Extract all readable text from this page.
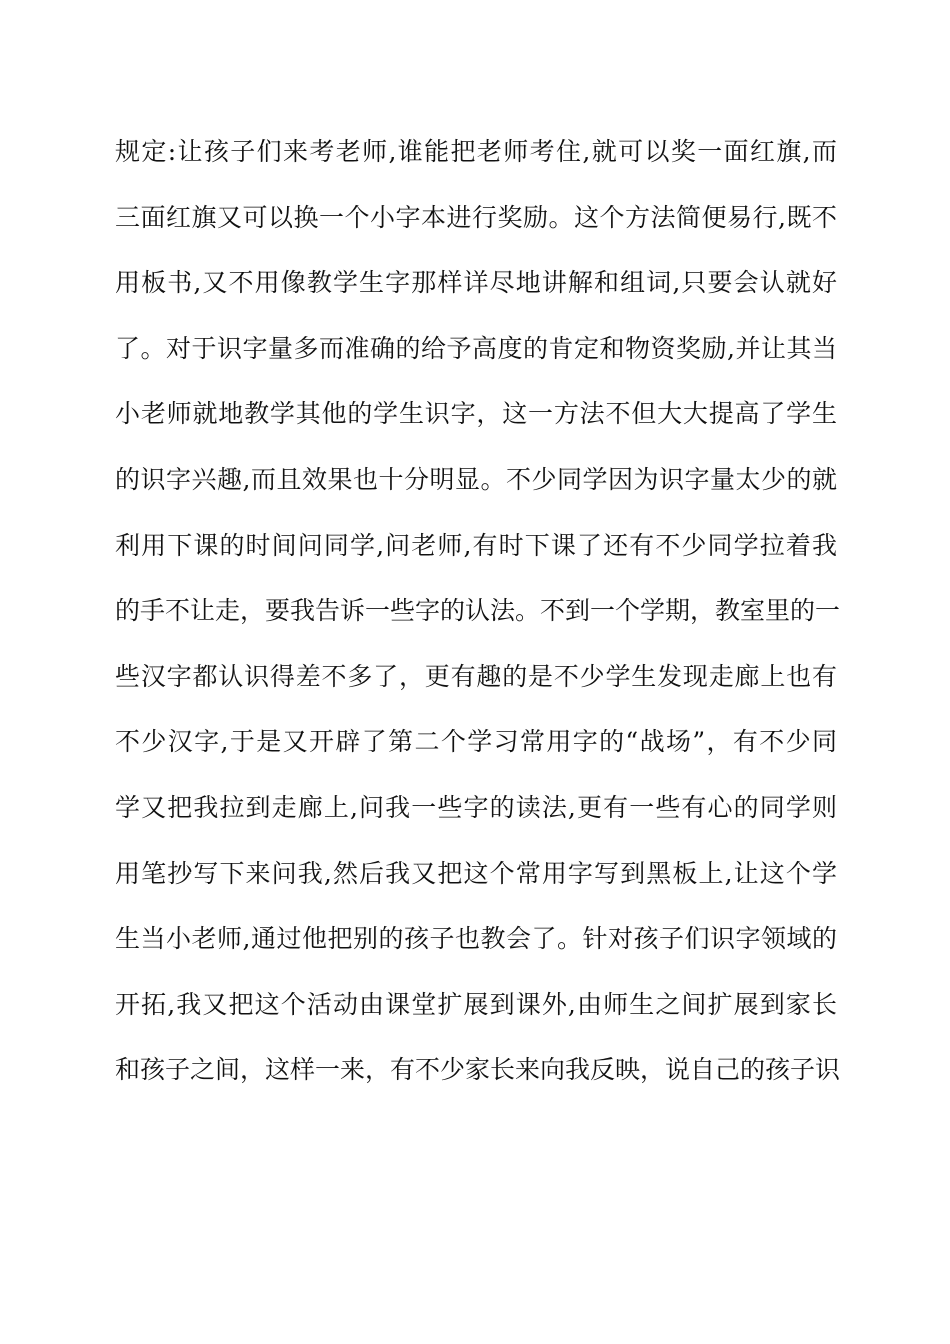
规定:让孩子们来考老师,谁能把老师考住,就可以奖一面红旗,而
三面红旗又可以换一个小字本进行奖励。这个方法简便易行,既不
用板书,又不用像教学生字那样详尽地讲解和组词,只要会认就好
了。对于识字量多而准确的给予高度的肯定和物资奖励,并让其当
小老师就地教学其他的学生识字，这一方法不但大大提高了学生
的识字兴趣,而且效果也十分明显。不少同学因为识字量太少的就
利用下课的时间问同学,问老师,有时下课了还有不少同学拉着我
的手不让走，要我告诉一些字的认法。不到一个学期，教室里的一
些汉字都认识得差不多了，更有趣的是不少学生发现走廊上也有
不少汉字,于是又开辟了第二个学习常用字的“战场”，有不少同
学又把我拉到走廊上,问我一些字的读法,更有一些有心的同学则
用笔抄写下来问我,然后我又把这个常用字写到黑板上,让这个学
生当小老师,通过他把别的孩子也教会了。针对孩子们识字领域的
开拓,我又把这个活动由课堂扩展到课外,由师生之间扩展到家长
和孩子之间，这样一来，有不少家长来向我反映，说自己的孩子识
